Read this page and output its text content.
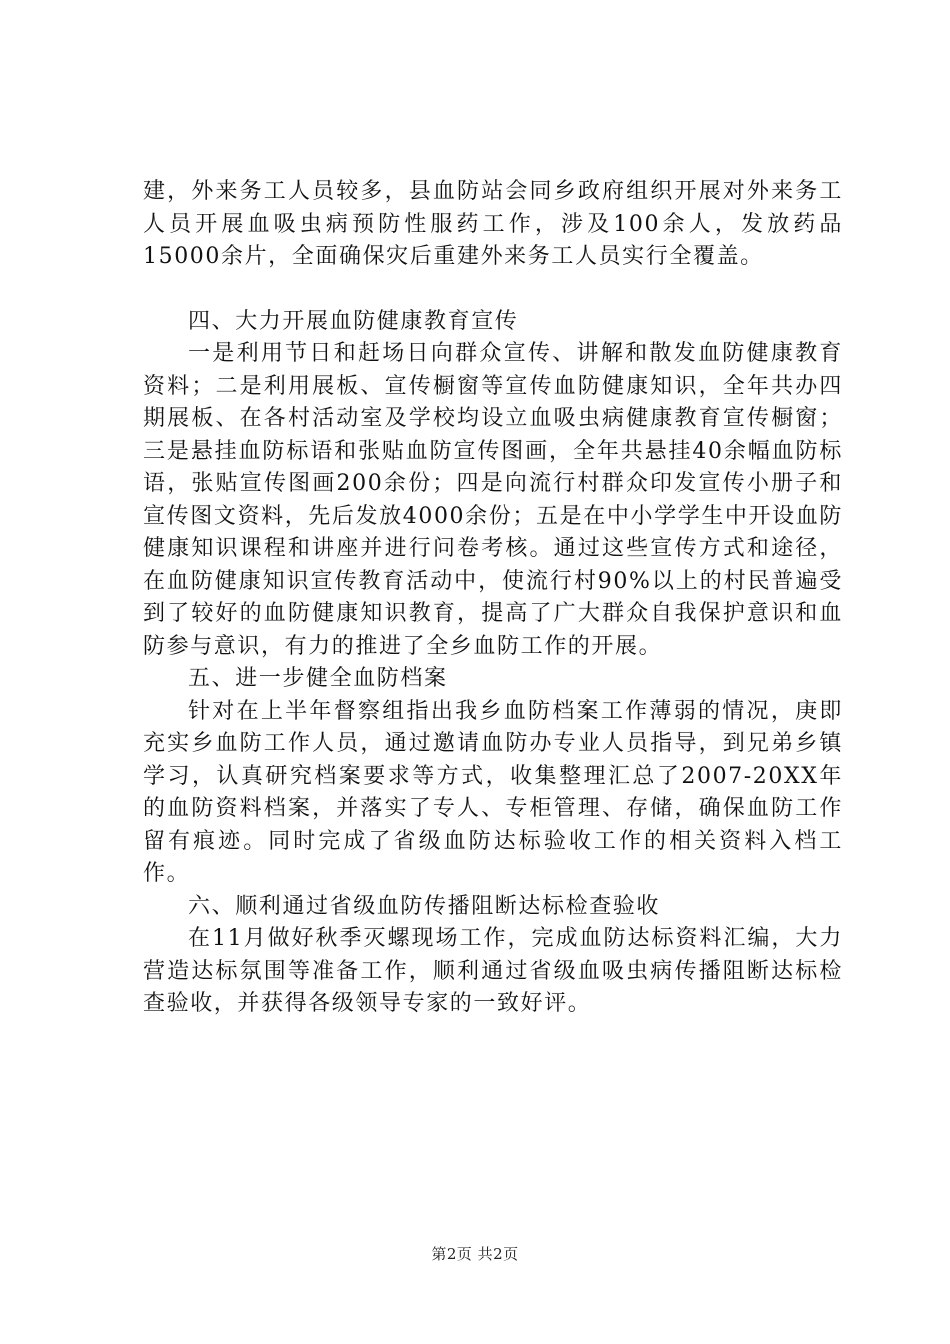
建，外来务工人员较多，县血防站会同乡政府组织开展对外来务工人员开展血吸虫病预防性服药工作，涉及100余人，发放药品15000余片，全面确保灾后重建外来务工人员实行全覆盖。

四、大力开展血防健康教育宣传

一是利用节日和赶场日向群众宣传、讲解和散发血防健康教育资料；二是利用展板、宣传橱窗等宣传血防健康知识，全年共办四期展板、在各村活动室及学校均设立血吸虫病健康教育宣传橱窗；三是悬挂血防标语和张贴血防宣传图画，全年共悬挂40余幅血防标语，张贴宣传图画200余份；四是向流行村群众印发宣传小册子和宣传图文资料，先后发放4000余份；五是在中小学学生中开设血防健康知识课程和讲座并进行问卷考核。通过这些宣传方式和途径，在血防健康知识宣传教育活动中，使流行村90%以上的村民普遍受到了较好的血防健康知识教育，提高了广大群众自我保护意识和血防参与意识，有力的推进了全乡血防工作的开展。

五、进一步健全血防档案

针对在上半年督察组指出我乡血防档案工作薄弱的情况，庚即充实乡血防工作人员，通过邀请血防办专业人员指导，到兄弟乡镇学习，认真研究档案要求等方式，收集整理汇总了2007-20XX年的血防资料档案，并落实了专人、专柜管理、存储，确保血防工作留有痕迹。同时完成了省级血防达标验收工作的相关资料入档工作。

六、顺利通过省级血防传播阻断达标检查验收

在11月做好秋季灭螺现场工作，完成血防达标资料汇编，大力营造达标氛围等准备工作，顺利通过省级血吸虫病传播阻断达标检查验收，并获得各级领导专家的一致好评。

第2页 共2页
